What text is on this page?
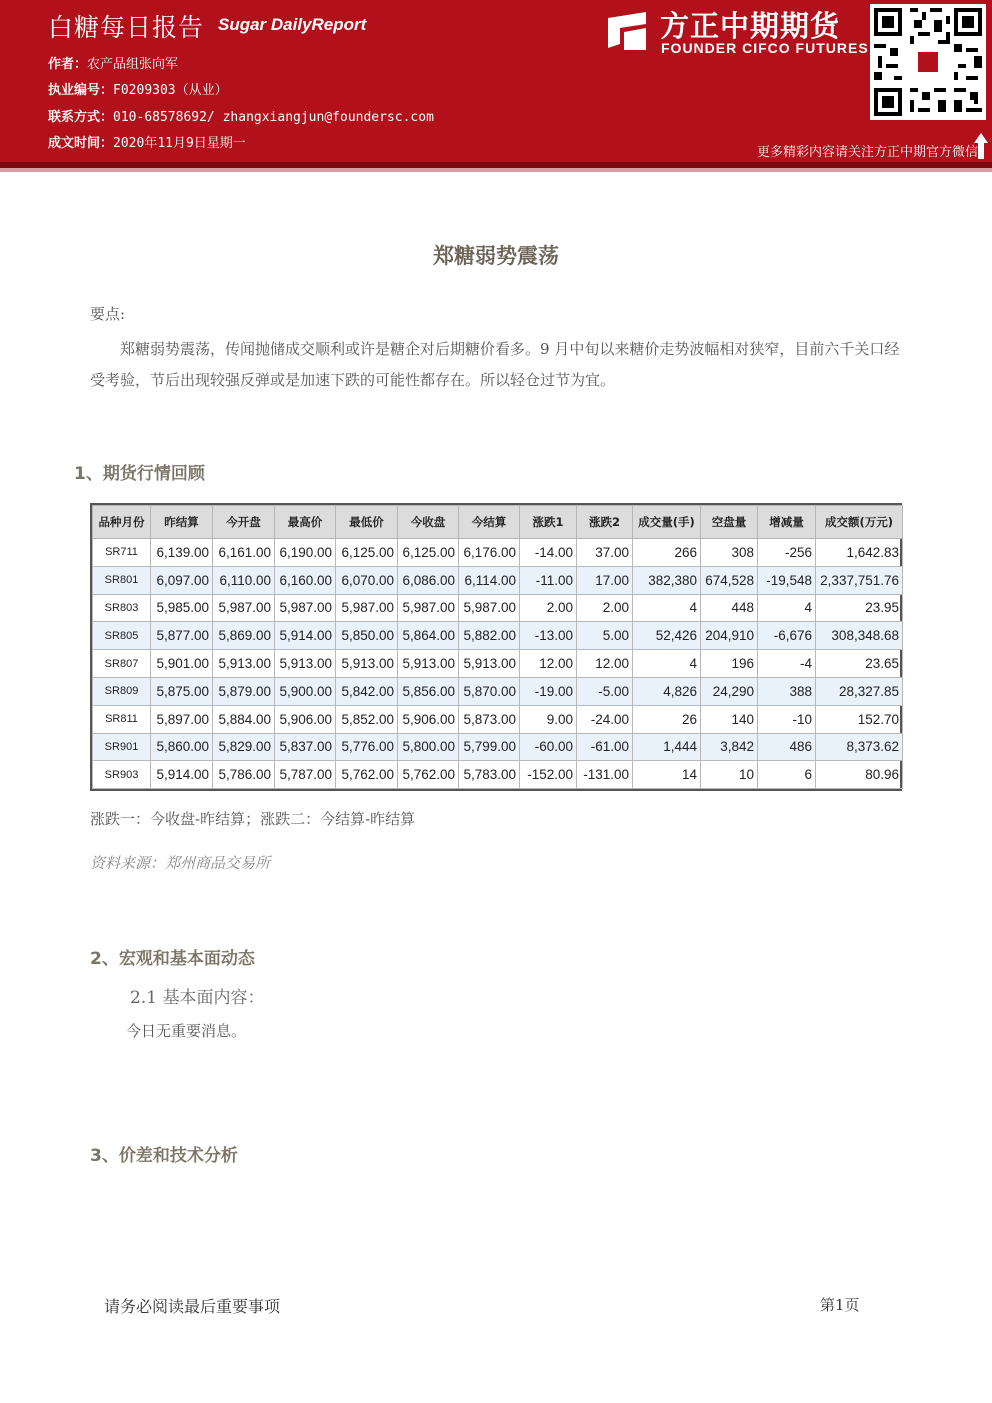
白糖每日报告 Sugar DailyReport
作者：农产品组张向军
执业编号：F0209303（从业）
联系方式：010-68578692/ zhangxiangjun@foundersc.com
成文时间：2020年11月9日星期一
方正中期期货
FOUNDER CIFCO FUTURES
更多精彩内容请关注方正中期官方微信
郑糖弱势震荡
要点:
郑糖弱势震荡，传闻抛储成交顺利或许是糖企对后期糖价看多。9 月中旬以来糖价走势波幅相对狭窄，目前六千关口经受考验，节后出现较强反弹或是加速下跌的可能性都存在。所以轻仓过节为宜。
1、期货行情回顾
品种月份	昨结算	今开盘	最高价	最低价	今收盘	今结算	涨跌1	涨跌2	成交量(手)	空盘量	增减量	成交额(万元)
SR711	6,139.00	6,161.00	6,190.00	6,125.00	6,125.00	6,176.00	-14.00	37.00	266	308	-256	1,642.83
SR801	6,097.00	6,110.00	6,160.00	6,070.00	6,086.00	6,114.00	-11.00	17.00	382,380	674,528	-19,548	2,337,751.76
SR803	5,985.00	5,987.00	5,987.00	5,987.00	5,987.00	5,987.00	2.00	2.00	4	448	4	23.95
SR805	5,877.00	5,869.00	5,914.00	5,850.00	5,864.00	5,882.00	-13.00	5.00	52,426	204,910	-6,676	308,348.68
SR807	5,901.00	5,913.00	5,913.00	5,913.00	5,913.00	5,913.00	12.00	12.00	4	196	-4	23.65
SR809	5,875.00	5,879.00	5,900.00	5,842.00	5,856.00	5,870.00	-19.00	-5.00	4,826	24,290	388	28,327.85
SR811	5,897.00	5,884.00	5,906.00	5,852.00	5,906.00	5,873.00	9.00	-24.00	26	140	-10	152.70
SR901	5,860.00	5,829.00	5,837.00	5,776.00	5,800.00	5,799.00	-60.00	-61.00	1,444	3,842	486	8,373.62
SR903	5,914.00	5,786.00	5,787.00	5,762.00	5,762.00	5,783.00	-152.00	-131.00	14	10	6	80.96
涨跌一：今收盘-昨结算；涨跌二：今结算-昨结算
资料来源：郑州商品交易所
2、宏观和基本面动态
2.1 基本面内容：
今日无重要消息。
3、价差和技术分析
请务必阅读最后重要事项	第1页
